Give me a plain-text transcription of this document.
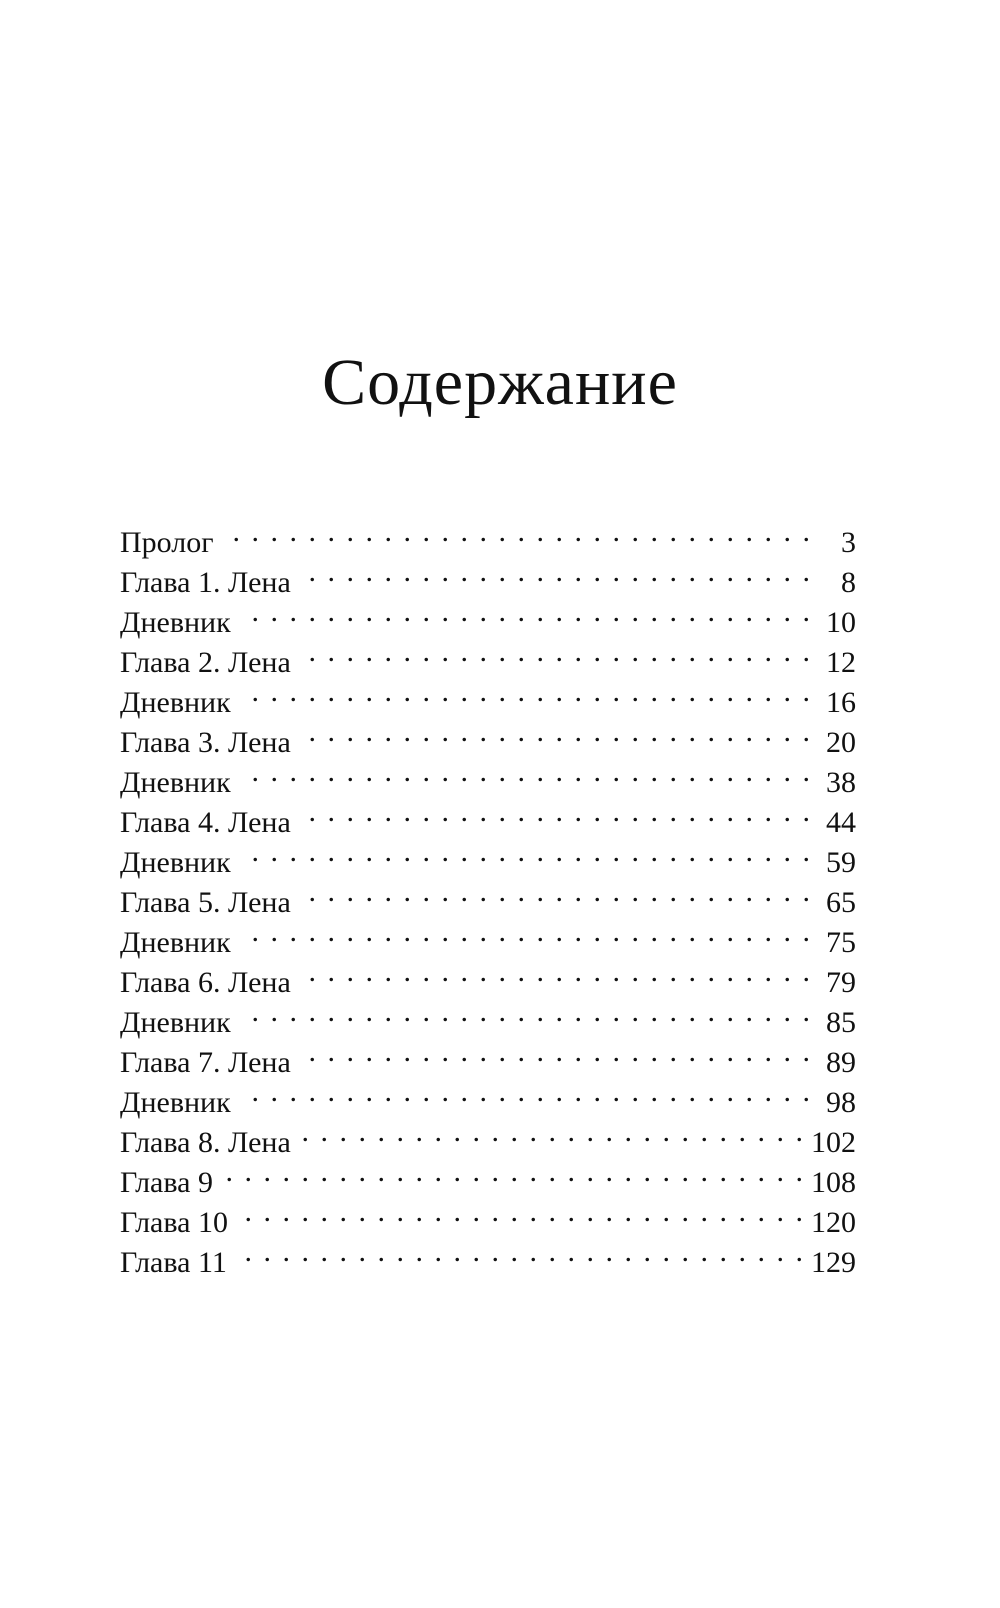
Содержание
Пролог . . .	3
Глава 1. Лена . . .	8
Дневник . . .	10
Глава 2. Лена . . .	12
Дневник . . .	16
Глава 3. Лена . . .	20
Дневник . . .	38
Глава 4. Лена . . .	44
Дневник . . .	59
Глава 5. Лена . . .	65
Дневник . . .	75
Глава 6. Лена . . .	79
Дневник . . .	85
Глава 7. Лена . . .	89
Дневник . . .	98
Глава 8. Лена . . .	102
Глава 9 . . .	108
Глава 10 . . .	120
Глава 11 . . .	129
